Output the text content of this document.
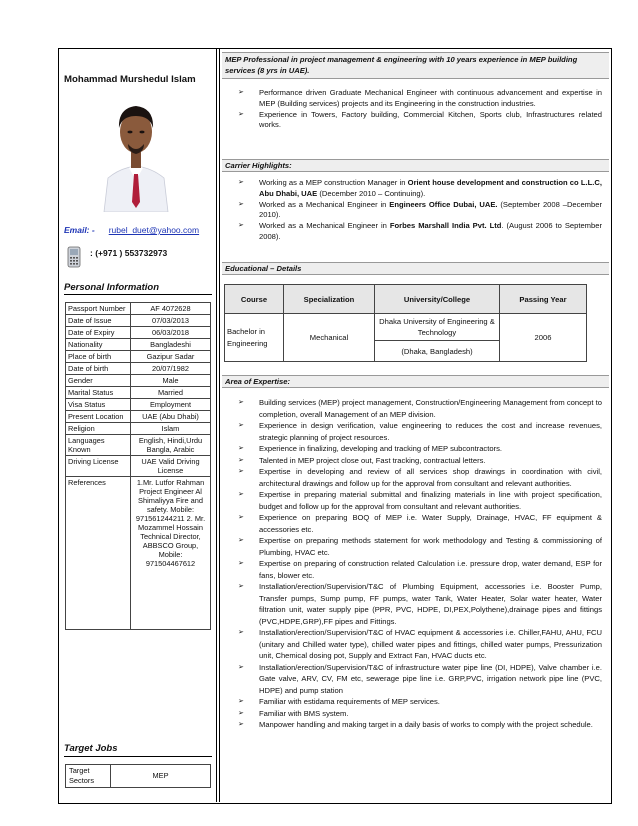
Mohammad Murshedul Islam
Email: - rubel_duet@yahoo.com
: (+971 ) 553732973
Personal Information
Passport Number	AF 4072628
Date of Issue	07/03/2013
Date of Expiry	06/03/2018
Nationality	Bangladeshi
Place of birth	Gazipur Sadar
Date of birth	20/07/1982
Gender	Male
Marital Status	Married
Visa Status	Employment
Present Location	UAE (Abu Dhabi)
Religion	Islam
Languages Known	English, Hindi,Urdu Bangla, Arabic
Driving License	UAE Valid Driving License
References	1.Mr. Lutfor Rahman Project Engineer Al Shimaliyya Fire and safety. Mobile: 971561244211 2. Mr. Mozammel Hossain Technical Director, ABBSCO Group, Mobile: 971504467612
Target Jobs
Target Sectors	MEP
MEP Professional in project management & engineering with 10 years experience in MEP building services (8 yrs in UAE).
➢ Performance driven Graduate Mechanical Engineer with continuous advancement and expertise in MEP (Building services) projects and its Engineering in the construction industries.
➢ Experience in Towers, Factory building, Commercial Kitchen, Sports club, Infrastructures related works.
Carrier Highlights:
➢ Working as a MEP construction Manager in Orient house development and construction co L.L.C, Abu Dhabi, UAE (December 2010 – Continuing).
➢ Worked as a Mechanical Engineer in Engineers Office Dubai, UAE. (September 2008 –December 2010).
➢ Worked as a Mechanical Engineer in Forbes Marshall India Pvt. Ltd. (August 2006 to September 2008).
Educational – Details
Course	Specialization	University/College	Passing Year
Bachelor in Engineering	Mechanical	Dhaka University of Engineering & Technology	2006
		(Dhaka, Bangladesh)	
Area of Expertise:
➢ Building services (MEP) project management, Construction/Engineering Management from concept to completion, overall Management of an MEP division.
➢ Experience in design verification, value engineering to reduces the cost and increase revenues, strategic planning of project resources.
➢ Experience in finalizing, developing and tracking of MEP subcontractors.
➢ Talented in MEP project close out, Fast tracking, contractual letters.
➢ Expertise in developing and review of all services shop drawings in coordination with civil, architectural drawings and follow up for the approval from consultant and relevant authorities.
➢ Expertise in preparing material submittal and finalizing materials in line with project specification, budget and follow up for the approval from consultant and relevant authorities.
➢ Experience on preparing BOQ of MEP i.e. Water Supply, Drainage, HVAC, FF equipment & accessories etc.
➢ Expertise on preparing methods statement for work methodology and Testing & commissioning of Plumbing, HVAC etc.
➢ Expertise on preparing of construction related Calculation i.e. pressure drop, water demand, ESP for fans, blower etc.
➢ Installation/erection/Supervision/T&C of Plumbing Equipment, accessories i.e. Booster Pump, Transfer pumps, Sump pump, FF pumps, water Tank, Water Heater, Solar water heater, Water filtration unit, water supply pipe (PPR, PVC, HDPE, DI,PEX,Polythene),drainage pipes and fittings (PVC,HDPE,GRP),FF pipes and Fittings.
➢ Installation/erection/Supervision/T&C of HVAC equipment & accessories i.e. Chiller,FAHU, AHU, FCU (unitary and Chilled water type), chilled water pipes and fittings, chilled water pumps, Pressurization unit, Chemical dosing pot, Supply and Extract Fan, HVAC ducts etc.
➢ Installation/erection/Supervision/T&C of infrastructure water pipe line (DI, HDPE), Valve chamber i.e. Gate valve, ARV, CV, FM etc, sewerage pipe line i.e. GRP,PVC, irrigation network pipe line (PVC, HDPE) and pump station
➢ Familiar with estidama requirements of MEP services.
➢ Familiar with BMS system.
➢ Manpower handling and making target in a daily basis of works to comply with the project schedule.
